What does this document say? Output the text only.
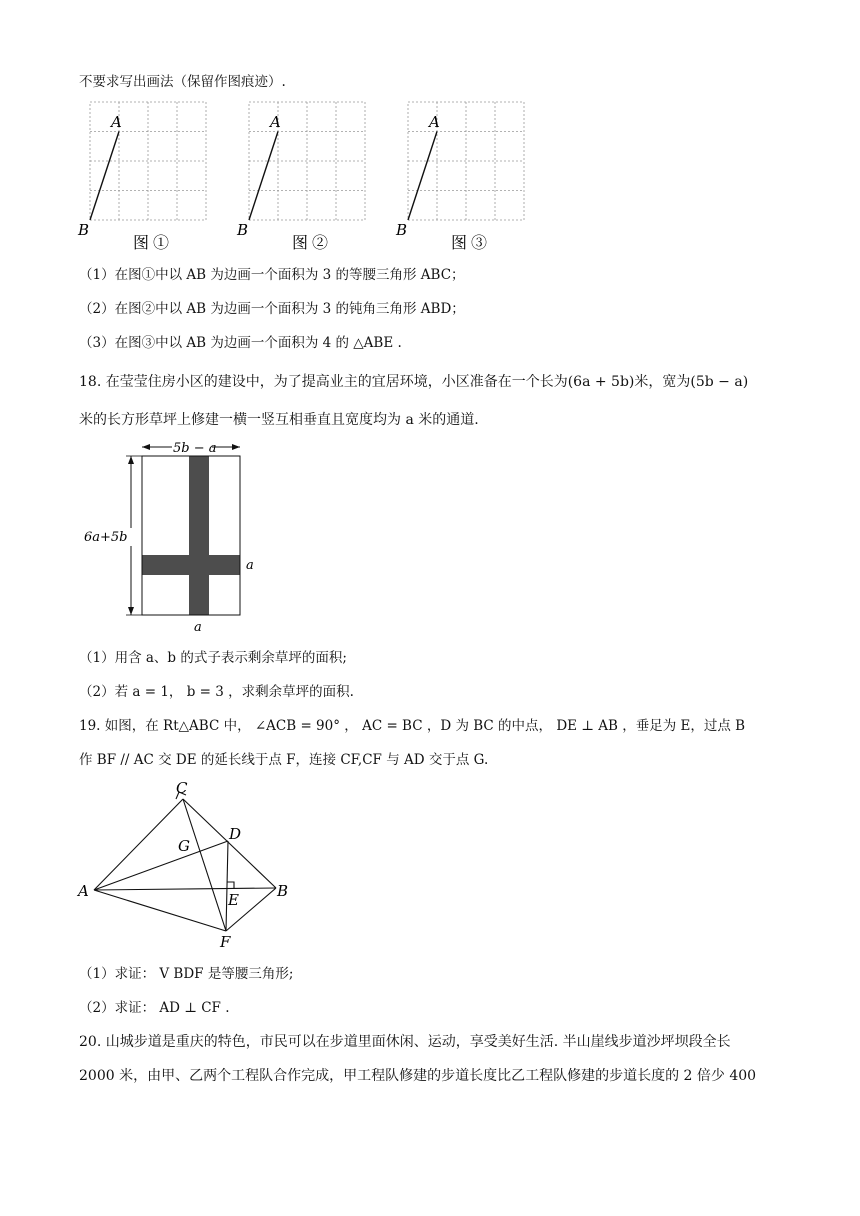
不要求写出画法（保留作图痕迹）.
A
B
图 ①
A
B
图 ②
A
B
图 ③
（1）在图①中以 AB 为边画一个面积为 3 的等腰三角形 ABC；
（2）在图②中以 AB 为边画一个面积为 3 的钝角三角形 ABD；
（3）在图③中以 AB 为边画一个面积为 4 的 △ABE .
18. 在莹莹住房小区的建设中，为了提高业主的宜居环境，小区准备在一个长为(6a + 5b)米，宽为(5b − a)
米的长方形草坪上修建一横一竖互相垂直且宽度均为 a 米的通道.
5b − a
6a+5b
a
a
（1）用含 a、b 的式子表示剩余草坪的面积;
（2）若 a = 1， b = 3 ，求剩余草坪的面积.
19. 如图，在 Rt△ABC 中， ∠ACB = 90° ， AC = BC ，D 为 BC 的中点， DE ⊥ AB ，垂足为 E，过点 B
作 BF // AC 交 DE 的延长线于点 F，连接 CF,CF 与 AD 交于点 G.
C
D
G
A	B
E
F
（1）求证： V BDF 是等腰三角形;
（2）求证： AD ⊥ CF .
20. 山城步道是重庆的特色，市民可以在步道里面休闲、运动，享受美好生活. 半山崖线步道沙坪坝段全长
2000 米，由甲、乙两个工程队合作完成，甲工程队修建的步道长度比乙工程队修建的步道长度的 2 倍少 400
